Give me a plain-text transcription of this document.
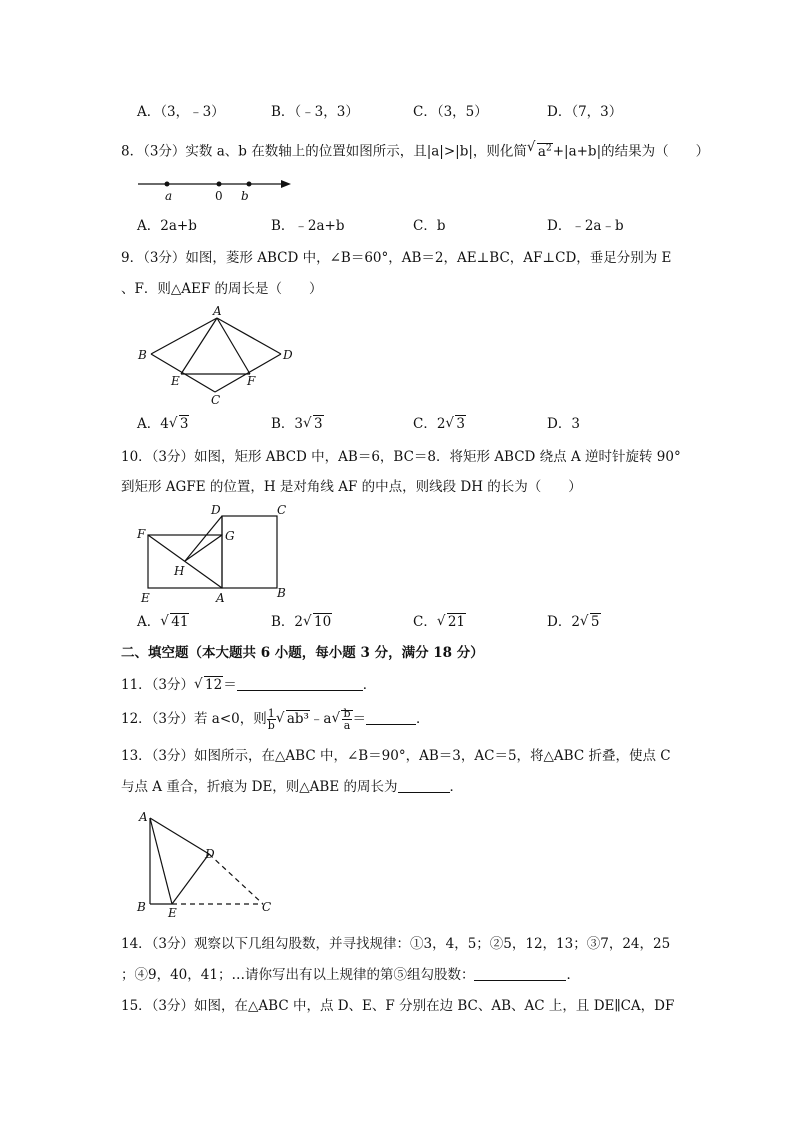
A．（3，﹣3）	B．（﹣3，3）	C．（3，5）	D．（7，3）
8．（3分）实数 a、b 在数轴上的位置如图所示，且|a|>|b|，则化简 √ $a^2+|a+b|$的结果为（　　）
a	0 b
A．2a+b	B．﹣2a+b	C．b	D．﹣2a﹣b
9．（3分）如图，菱形 ABCD 中，∠B＝60°，AB＝2，AE⊥BC，AF⊥CD，垂足分别为 E
、F．则△AEF 的周长是（　　）
A
B
C
D
E	F
A．4 √ 3	B．3 √ 3	C．2 √ 3	D．3
10．（3分）如图，矩形 ABCD 中，AB＝6，BC＝8．将矩形 ABCD 绕点 A 逆时针旋转 90°
到矩形 AGFE 的位置，H 是对角线 AF 的中点，则线段 DH 的长为（　　）
A	B
C
D
E
F	G
H
A． √ 41	B．2 √ 10	C． √ 21	D．2 √ 5
二、填空题（本大题共 6 小题，每小题 3 分，满分 18 分）
11．（3分） √ 12＝	．
12．（3分）若 a<0，则 $\frac{1}{b}$ √ ab³﹣a √ $\frac{b}{a}$ ＝	．
13．（3分）如图所示，在△ABC 中，∠B＝90°，AB＝3，AC＝5，将△ABC 折叠，使点 C
与点 A 重合，折痕为 DE，则△ABE 的周长为	．
A
B	C
D
E
14．（3分）观察以下几组勾股数，并寻找规律：①3，4，5；②5，12，13；③7，24，25
；④9，40，41；…请你写出有以上规律的第⑤组勾股数：	．
15．（3分）如图，在△ABC 中，点 D、E、F 分别在边 BC、AB、AC 上，且 DE∥CA，DF
